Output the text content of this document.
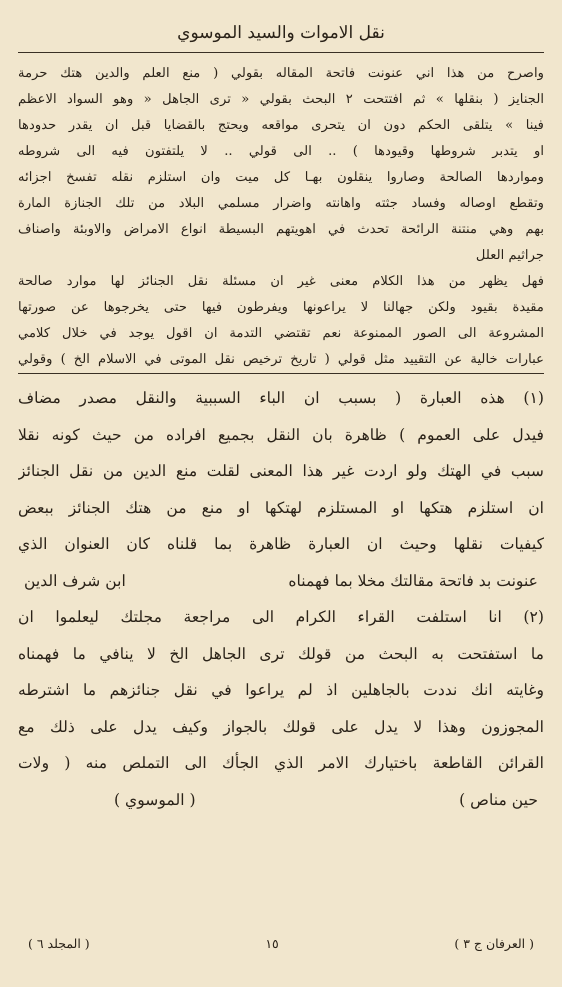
نقل الاموات والسيد الموسوي
واصرح من هذا اني عنونت فاتحة المقاله بقولي ( منع العلم والدين هتك حرمة
الجنايز ( بنقلها » ثم افتتحت ٢ البحث بقولي « ترى الجاهل « وهو السواد الاعظم
فينا » يتلقى الحكم دون ان يتحرى مواقعه ويحتج بالقضايا قبل ان يقدر حدودها
او يتدبر شروطها وقيودها ) .. الى قولي .. لا يلتفتون فيه الى شروطه
ومواردها الصالحة وصاروا ينقلون بهـا كل ميت وان استلزم نقله تفسخ اجزائه
وتقطع اوصاله وفساد جثته واهانته واضرار مسلمي البلاد من تلك الجنازة المارة
بهم وهي منتنة الرائحة تحدث في اهويتهم البسيطة انواع الامراض والاوبئة واصناف
جراثيم العلل
فهل يظهر من هذا الكلام معنى غير ان مسئلة نقل الجنائز لها موارد صالحة
مقيدة بقيود ولكن جهالنا لا يراعونها ويفرطون فيها حتى يخرجوها عن صورتها
المشروعة الى الصور الممنوعة نعم تقتضي التدمة ان اقول يوجد في خلال كلامي
عبارات خالية عن التقييد مثل قولي ( تاريخ ترخيص نقل الموتى في الاسلام الخ ) وقولي
(١) هذه العبارة ( بسبب ان الباء السببية والنقل مصدر مضاف
فيدل على العموم ) ظاهرة بان النقل بجميع افراده من حيث كونه نقلا
سبب في الهتك ولو اردت غير هذا المعنى لقلت منع الدين من نقل الجنائز
ان استلزم هتكها او المستلزم لهتكها او منع من هتك الجنائز ببعض
كيفيات نقلها وحيث ان العبارة ظاهرة بما قلناه كان العنوان الذي
عنونت بد فاتحة مقالتك مخلا بما فهمناه
ابن شرف الدين
(٢) انا استلفت القراء الكرام الى مراجعة مجلتك ليعلموا ان
ما استفتحت به البحث من قولك ترى الجاهل الخ لا ينافي ما فهمناه
وغايته انك نددت بالجاهلين اذ لم يراعوا في نقل جنائزهم ما اشترطه
المجوزون وهذا لا يدل على قولك بالجواز وكيف يدل على ذلك مع
القرائن القاطعة باختيارك الامر الذي الجأك الى التملص منه ( ولات
حين مناص )
( الموسوي )
( العرفان ج ٣ )
١٥
( المجلد ٦ )
